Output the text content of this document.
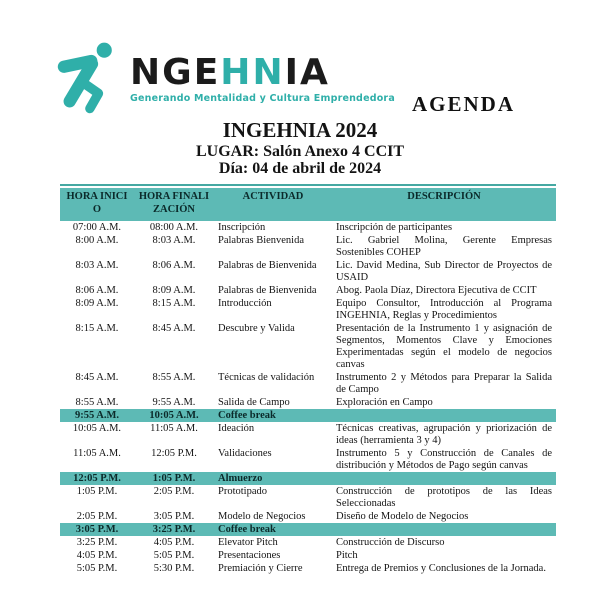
NGEHNIA
Generando Mentalidad y Cultura Emprendedora AGENDA
INGEHNIA 2024
LUGAR: Salón Anexo 4 CCIT
Día: 04 de abril de 2024
HORA INICIO	HORA FINALIZACIÓN	ACTIVIDAD	DESCRIPCIÓN
07:00 A.M.	08:00 A.M.	Inscripción	Inscripción de participantes
8:00 A.M.	8:03 A.M.	Palabras Bienvenida	Lic. Gabriel Molina, Gerente Empresas Sostenibles COHEP
8:03 A.M.	8:06 A.M.	Palabras de Bienvenida	Lic. David Medina, Sub Director de Proyectos de USAID
8:06 A.M.	8:09 A.M.	Palabras de Bienvenida	Abog. Paola Díaz, Directora Ejecutiva de CCIT
8:09 A.M.	8:15 A.M.	Introducción	Equipo Consultor, Introducción al Programa INGEHNIA, Reglas y Procedimientos
8:15 A.M.	8:45 A.M.	Descubre y Valida	Presentación de la Instrumento 1 y asignación de Segmentos, Momentos Clave y Emociones Experimentadas según el modelo de negocios canvas
8:45 A.M.	8:55 A.M.	Técnicas de validación	Instrumento 2 y Métodos para Preparar la Salida de Campo
8:55 A.M.	9:55 A.M.	Salida de Campo	Exploración en Campo
9:55 A.M.	10:05 A.M.	Coffee break	
10:05 A.M.	11:05 A.M.	Ideación	Técnicas creativas, agrupación y priorización de ideas (herramienta 3 y 4)
11:05 A.M.	12:05 P.M.	Validaciones	Instrumento 5 y Construcción de Canales de distribución y Métodos de Pago según canvas
12:05 P.M.	1:05 P.M.	Almuerzo	
1:05 P.M.	2:05 P.M.	Prototipado	Construcción de prototipos de las Ideas Seleccionadas
2:05 P.M.	3:05 P.M.	Modelo de Negocios	Diseño de Modelo de Negocios
3:05 P.M.	3:25 P.M.	Coffee break	
3:25 P.M.	4:05 P.M.	Elevator Pitch	Construcción de Discurso
4:05 P.M.	5:05 P.M.	Presentaciones	Pitch
5:05 P.M.	5:30 P.M.	Premiación y Cierre	Entrega de Premios y Conclusiones de la Jornada.
